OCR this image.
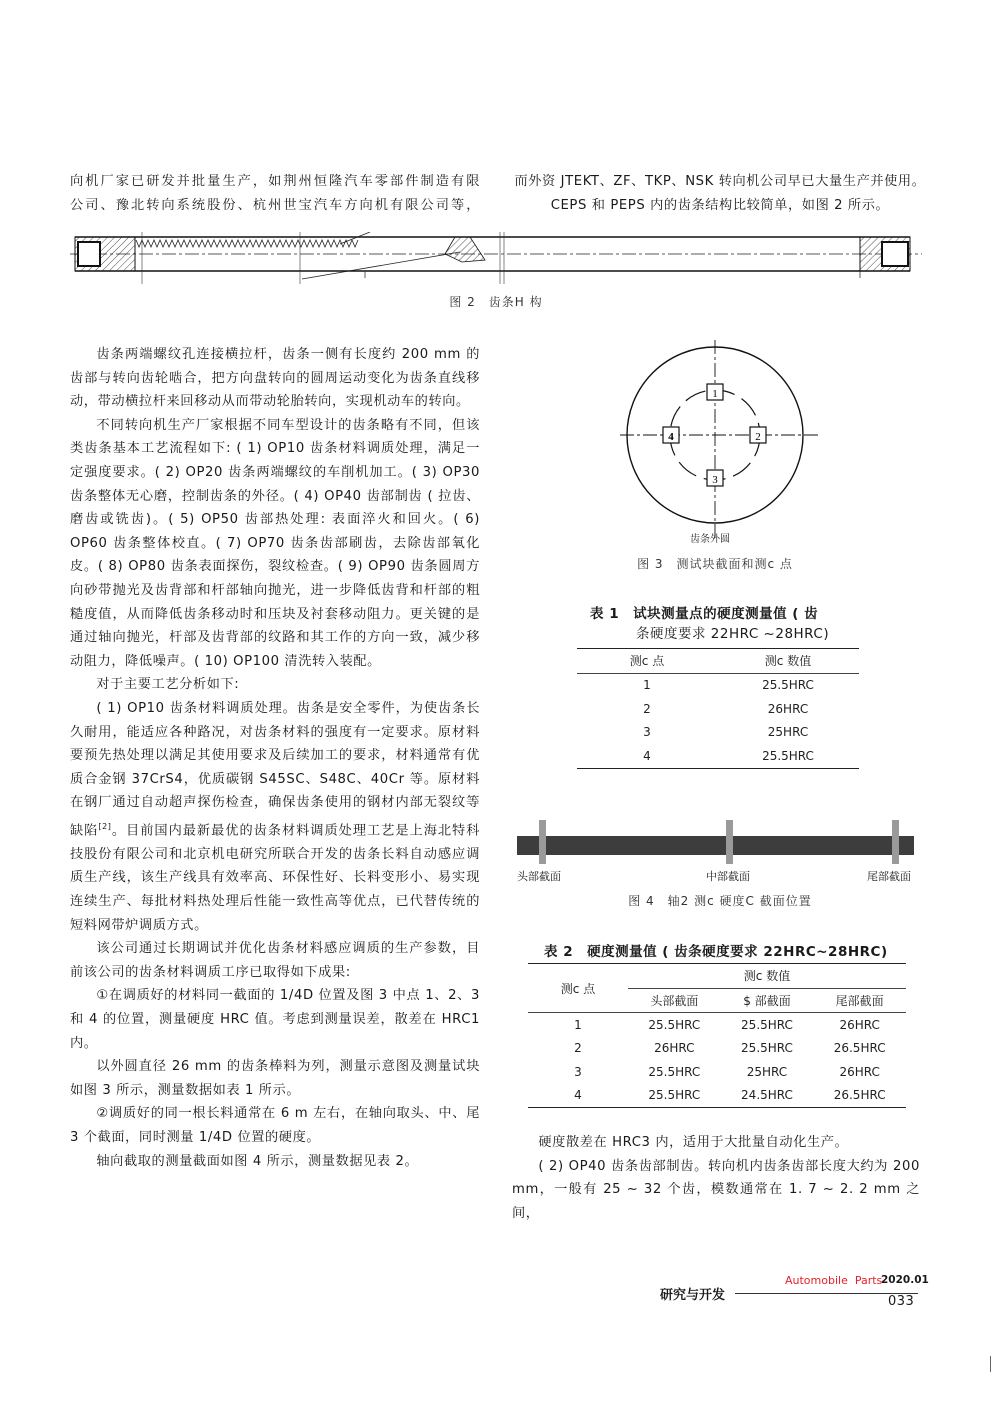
向机厂家已研发并批量生产，如荆州恒隆汽车零部件制造有限
公司、豫北转向系统股份、杭州世宝汽车方向机有限公司等，
而外资 JTEKT、ZF、TKP、NSK 转向机公司早已大量生产并使用。
CEPS 和 PEPS 内的齿条结构比较简单，如图 2 所示。
图 2　齿条H 构

齿条两端螺纹孔连接横拉杆，齿条一侧有长度约 200 mm 的齿部与转向齿轮啮合，把方向盘转向的圆周运动变化为齿条直线移动，带动横拉杆来回移动从而带动轮胎转向，实现机动车的转向。

不同转向机生产厂家根据不同车型设计的齿条略有不同，但该类齿条基本工艺流程如下: ( 1) OP10 齿条材料调质处理，满足一定强度要求。( 2) OP20 齿条两端螺纹的车削机加工。( 3) OP30 齿条整体无心磨，控制齿条的外径。( 4) OP40 齿部制齿 ( 拉齿、磨齿或铣齿)。( 5) OP50 齿部热处理: 表面淬火和回火。( 6) OP60 齿条整体校直。( 7) OP70 齿条齿部刷齿，去除齿部氧化皮。( 8) OP80 齿条表面探伤，裂纹检查。( 9) OP90 齿条圆周方向砂带抛光及齿背部和杆部轴向抛光，进一步降低齿背和杆部的粗糙度值，从而降低齿条移动时和压块及衬套移动阻力。更关键的是通过轴向抛光，杆部及齿背部的纹路和其工作的方向一致，减少移动阻力，降低噪声。( 10) OP100 清洗转入装配。

对于主要工艺分析如下:

( 1) OP10 齿条材料调质处理。齿条是安全零件，为使齿条长久耐用，能适应各种路况，对齿条材料的强度有一定要求。原材料要预先热处理以满足其使用要求及后续加工的要求，材料通常有优质合金钢 37CrS4，优质碳钢 S45SC、S48C、40Cr 等。原材料在钢厂通过自动超声探伤检查，确保齿条使用的钢材内部无裂纹等缺陷[2]。目前国内最新最优的齿条材料调质处理工艺是上海北特科技股份有限公司和北京机电研究所联合开发的齿条长料自动感应调质生产线，该生产线具有效率高、环保性好、长料变形小、易实现连续生产、每批材料热处理后性能一致性高等优点，已代替传统的短料网带炉调质方式。

该公司通过长期调试并优化齿条材料感应调质的生产参数，目前该公司的齿条材料调质工序已取得如下成果:

①在调质好的材料同一截面的 1/4D 位置及图 3 中点 1、2、3 和 4 的位置，测量硬度 HRC 值。考虑到测量误差，散差在 HRC1 内。

以外圆直径 26 mm 的齿条棒料为列，测量示意图及测量试块如图 3 所示，测量数据如表 1 所示。

②调质好的同一根长料通常在 6 m 左右，在轴向取头、中、尾 3 个截面，同时测量 1/4D 位置的硬度。

轴向截取的测量截面如图 4 所示，测量数据见表 2。

1
2
3
4
齿条外圆
图 3　测试块截面和测c 点
表 1　试块测量点的硬度测量值 ( 齿
条硬度要求 22HRC ~28HRC)
测c 点	测c 数值
1	25.5HRC
2	26HRC
3	25HRC
4	25.5HRC
头部截面	中部截面	尾部截面
图 4　轴2 测c 硬度C 截面位置
表 2　硬度测量值 ( 齿条硬度要求 22HRC~28HRC)
测c 点	测c 数值		
	头部截面	$ 部截面	尾部截面
1	25.5HRC	25.5HRC	26HRC
2	26HRC	25.5HRC	26.5HRC
3	25.5HRC	25HRC	26HRC
4	25.5HRC	24.5HRC	26.5HRC

硬度散差在 HRC3 内，适用于大批量自动化生产。

( 2) OP40 齿条齿部制齿。转向机内齿条齿部长度大约为 200 mm，一般有 25 ~ 32 个齿，模数通常在 1. 7 ~ 2. 2 mm 之间，

研究与开发
Automobile  Parts
2020.01
033
